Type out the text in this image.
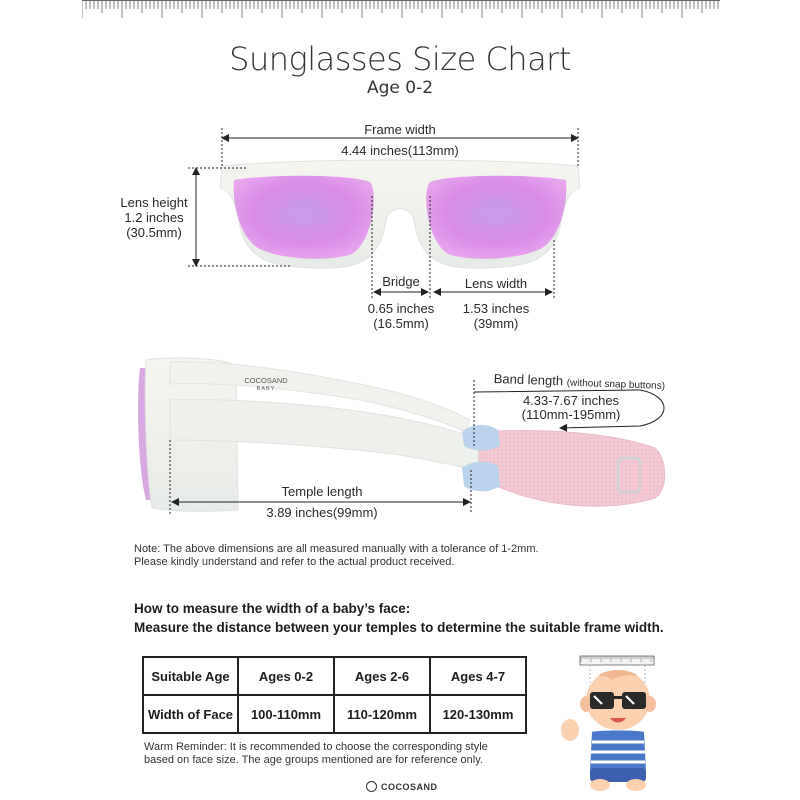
Sunglasses Size Chart
Age 0-2
Frame width
4.44 inches(113mm)
Lens height
1.2 inches
(30.5mm)
Bridge
0.65 inches
(16.5mm)
Lens width
1.53 inches
(39mm)
Band length (without snap buttons)
4.33-7.67 inches
(110mm-195mm)
Temple length
3.89 inches(99mm)
COCOSAND
BABY
Note: The above dimensions are all measured manually with a tolerance of 1-2mm.
Please kindly understand and refer to the actual product received.
How to measure the width of a baby’s face:
Measure the distance between your temples to determine the suitable frame width.
Suitable Age	Ages 0-2	Ages 2-6	Ages 4-7
Width of Face	100-110mm	110-120mm	120-130mm
Warm Reminder: It is recommended to choose the corresponding style
based on face size. The age groups mentioned are for reference only.
COCOSAND
